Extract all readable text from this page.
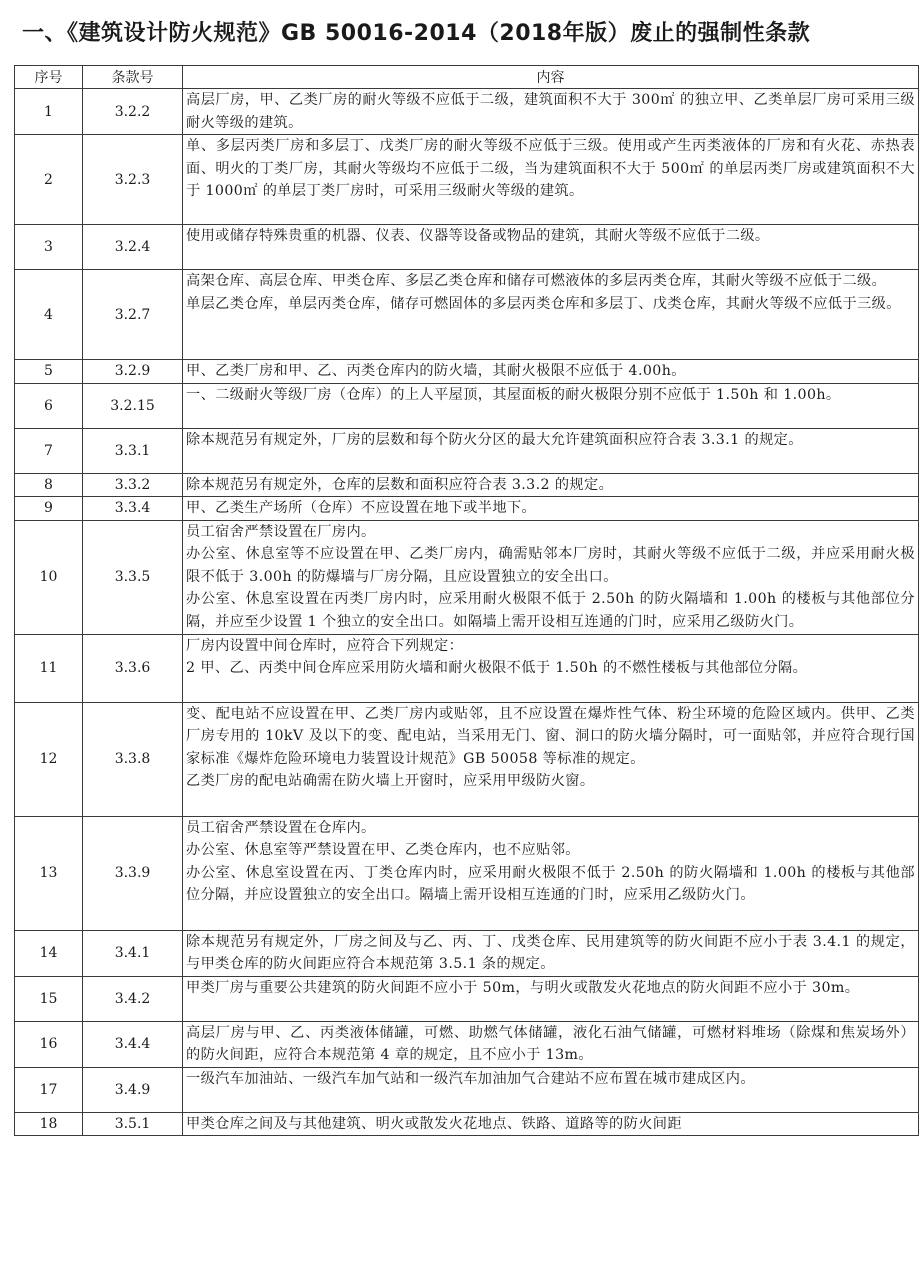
一、《建筑设计防火规范》GB 50016-2014（2018年版）废止的强制性条款
序号	条款号	内容
1	3.2.2	高层厂房，甲、乙类厂房的耐火等级不应低于二级，建筑面积不大于 300㎡ 的独立甲、乙类单层厂房可采用三级耐火等级的建筑。

2	3.2.3	单、多层丙类厂房和多层丁、戊类厂房的耐火等级不应低于三级。使用或产生丙类液体的厂房和有火花、赤热表面、明火的丁类厂房，其耐火等级均不应低于二级，当为建筑面积不大于 500㎡ 的单层丙类厂房或建筑面积不大于 1000㎡ 的单层丁类厂房时，可采用三级耐火等级的建筑。

3	3.2.4	使用或储存特殊贵重的机器、仪表、仪器等设备或物品的建筑，其耐火等级不应低于二级。

4	3.2.7	高架仓库、高层仓库、甲类仓库、多层乙类仓库和储存可燃液体的多层丙类仓库，其耐火等级不应低于二级。
单层乙类仓库，单层丙类仓库，储存可燃固体的多层丙类仓库和多层丁、戊类仓库，其耐火等级不应低于三级。

5	3.2.9	甲、乙类厂房和甲、乙、丙类仓库内的防火墙，其耐火极限不应低于 4.00h。

6	3.2.15	一、二级耐火等级厂房（仓库）的上人平屋顶，其屋面板的耐火极限分别不应低于 1.50h 和 1.00h。

7	3.3.1	除本规范另有规定外，厂房的层数和每个防火分区的最大允许建筑面积应符合表 3.3.1 的规定。

8	3.3.2	除本规范另有规定外，仓库的层数和面积应符合表 3.3.2 的规定。

9	3.3.4	甲、乙类生产场所（仓库）不应设置在地下或半地下。

10	3.3.5	员工宿舍严禁设置在厂房内。
办公室、休息室等不应设置在甲、乙类厂房内，确需贴邻本厂房时，其耐火等级不应低于二级，并应采用耐火极限不低于 3.00h 的防爆墙与厂房分隔，且应设置独立的安全出口。
办公室、休息室设置在丙类厂房内时，应采用耐火极限不低于 2.50h 的防火隔墙和 1.00h 的楼板与其他部位分隔，并应至少设置 1 个独立的安全出口。如隔墙上需开设相互连通的门时，应采用乙级防火门。

11	3.3.6	厂房内设置中间仓库时，应符合下列规定：
2 甲、乙、丙类中间仓库应采用防火墙和耐火极限不低于 1.50h 的不燃性楼板与其他部位分隔。

12	3.3.8	变、配电站不应设置在甲、乙类厂房内或贴邻，且不应设置在爆炸性气体、粉尘环境的危险区域内。供甲、乙类厂房专用的 10kV 及以下的变、配电站，当采用无门、窗、洞口的防火墙分隔时，可一面贴邻，并应符合现行国家标准《爆炸危险环境电力装置设计规范》GB 50058 等标准的规定。
乙类厂房的配电站确需在防火墙上开窗时，应采用甲级防火窗。

13	3.3.9	员工宿舍严禁设置在仓库内。
办公室、休息室等严禁设置在甲、乙类仓库内，也不应贴邻。
办公室、休息室设置在丙、丁类仓库内时，应采用耐火极限不低于 2.50h 的防火隔墙和 1.00h 的楼板与其他部位分隔，并应设置独立的安全出口。隔墙上需开设相互连通的门时，应采用乙级防火门。

14	3.4.1	除本规范另有规定外，厂房之间及与乙、丙、丁、戊类仓库、民用建筑等的防火间距不应小于表 3.4.1 的规定，与甲类仓库的防火间距应符合本规范第 3.5.1 条的规定。

15	3.4.2	甲类厂房与重要公共建筑的防火间距不应小于 50m，与明火或散发火花地点的防火间距不应小于 30m。

16	3.4.4	高层厂房与甲、乙、丙类液体储罐，可燃、助燃气体储罐，液化石油气储罐，可燃材料堆场（除煤和焦炭场外）的防火间距，应符合本规范第 4 章的规定，且不应小于 13m。

17	3.4.9	一级汽车加油站、一级汽车加气站和一级汽车加油加气合建站不应布置在城市建成区内。

18	3.5.1	甲类仓库之间及与其他建筑、明火或散发火花地点、铁路、道路等的防火间距
